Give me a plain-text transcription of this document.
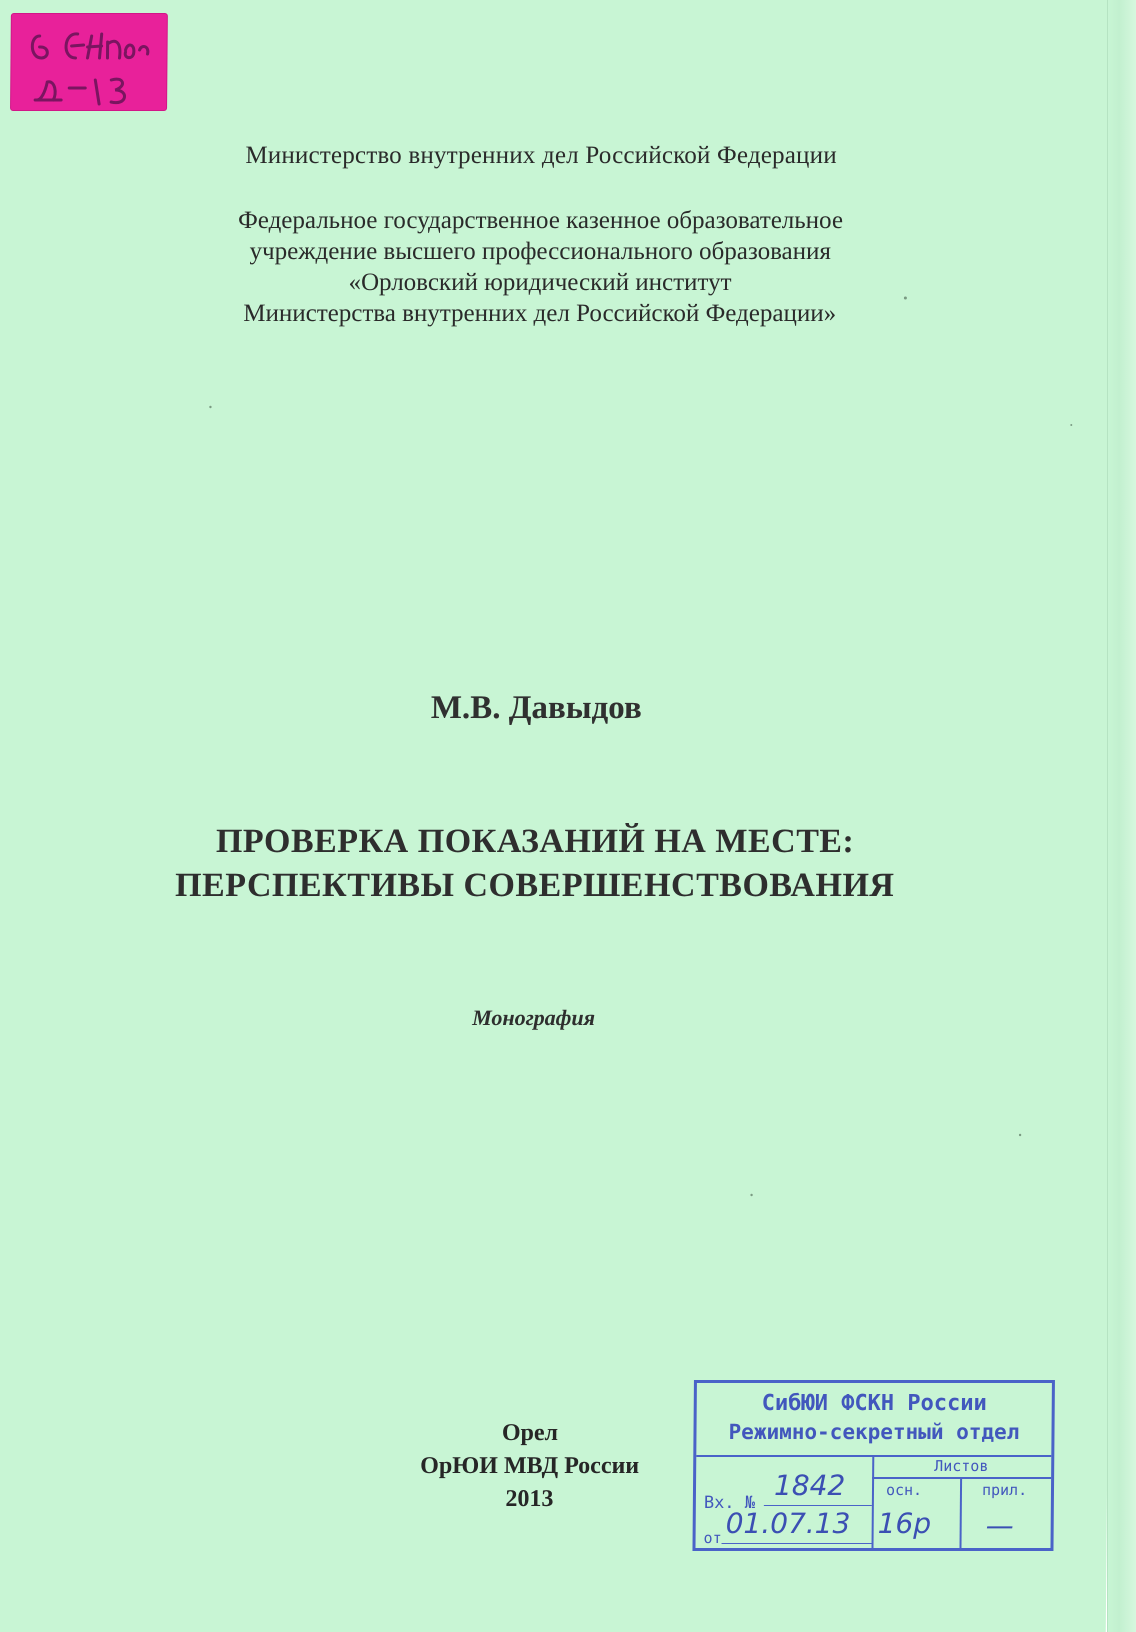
Министерство внутренних дел Российской Федерации
Федеральное государственное казенное образовательное
учреждение высшего профессионального образования
«Орловский юридический институт
Министерства внутренних дел Российской Федерации»
М.В. Давыдов
ПРОВЕРКА ПОКАЗАНИЙ НА МЕСТЕ:
ПЕРСПЕКТИВЫ СОВЕРШЕНСТВОВАНИЯ
Монография
Орел
ОрЮИ МВД России
2013
СибЮИ ФСКН России
Режимно-секретный отдел
Листов
осн.	прил.
Вх. №
1842
от 01.07.13 16р —
